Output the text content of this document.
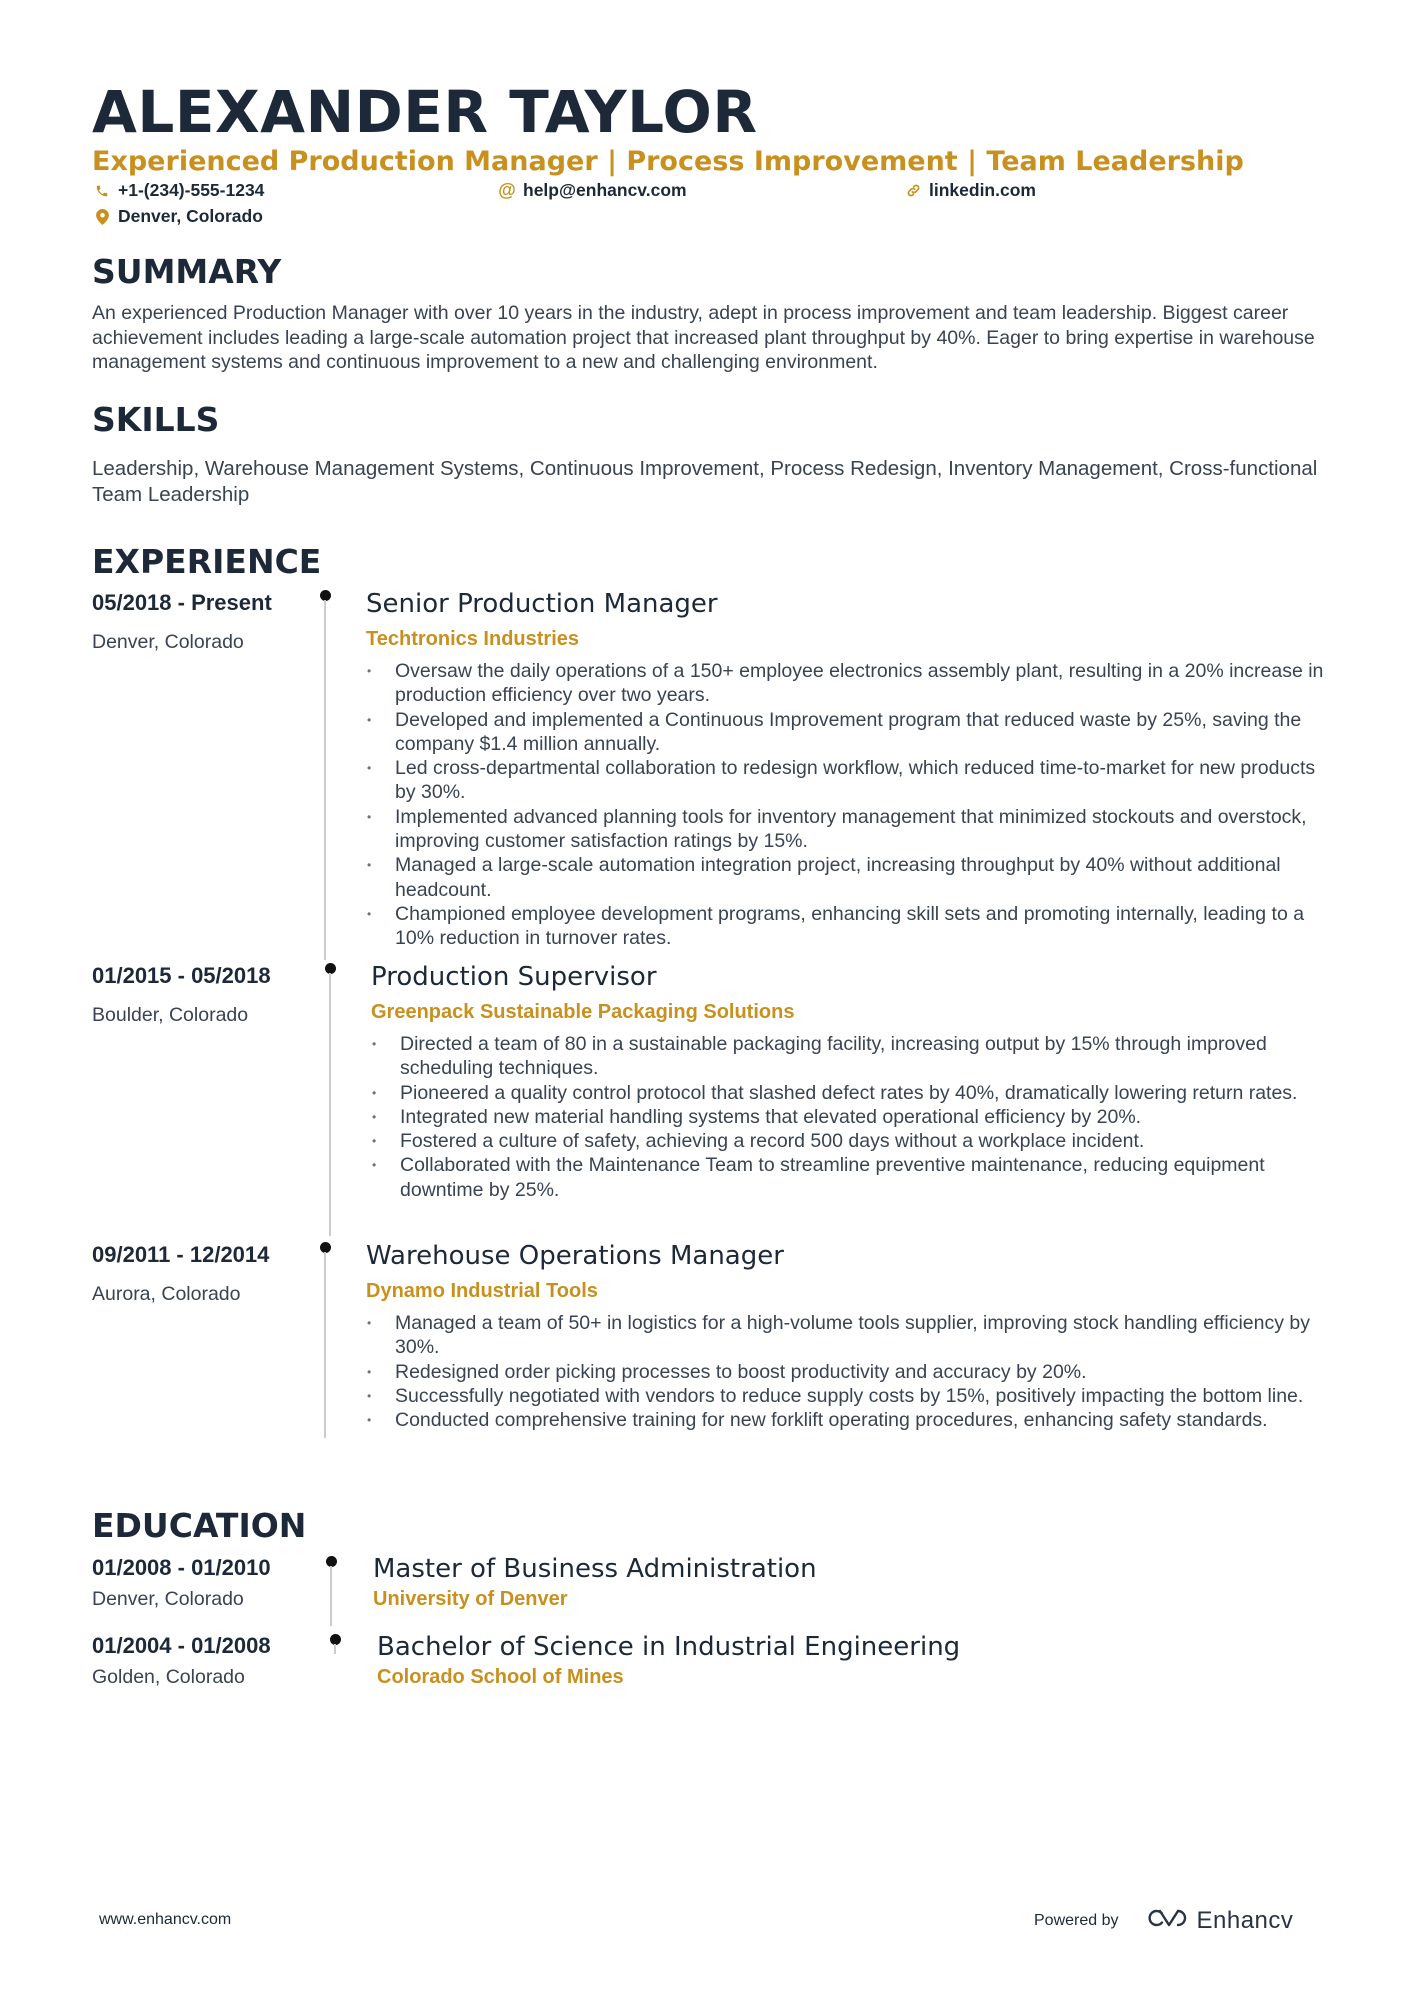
ALEXANDER TAYLOR
Experienced Production Manager | Process Improvement | Team Leadership
+1-(234)-555-1234	@ help@enhancv.com	linkedin.com
Denver, Colorado
SUMMARY
An experienced Production Manager with over 10 years in the industry, adept in process improvement and team leadership. Biggest career achievement includes leading a large-scale automation project that increased plant throughput by 40%. Eager to bring expertise in warehouse management systems and continuous improvement to a new and challenging environment.
SKILLS
Leadership, Warehouse Management Systems, Continuous Improvement, Process Redesign, Inventory Management, Cross-functional Team Leadership
EXPERIENCE
05/2018 - Present
Denver, Colorado
Senior Production Manager
Techtronics Industries
• Oversaw the daily operations of a 150+ employee electronics assembly plant, resulting in a 20% increase in production efficiency over two years.
• Developed and implemented a Continuous Improvement program that reduced waste by 25%, saving the company $1.4 million annually.
• Led cross-departmental collaboration to redesign workflow, which reduced time-to-market for new products by 30%.
• Implemented advanced planning tools for inventory management that minimized stockouts and overstock, improving customer satisfaction ratings by 15%.
• Managed a large-scale automation integration project, increasing throughput by 40% without additional headcount.
• Championed employee development programs, enhancing skill sets and promoting internally, leading to a 10% reduction in turnover rates.
01/2015 - 05/2018
Boulder, Colorado
Production Supervisor
Greenpack Sustainable Packaging Solutions
• Directed a team of 80 in a sustainable packaging facility, increasing output by 15% through improved scheduling techniques.
• Pioneered a quality control protocol that slashed defect rates by 40%, dramatically lowering return rates.
• Integrated new material handling systems that elevated operational efficiency by 20%.
• Fostered a culture of safety, achieving a record 500 days without a workplace incident.
• Collaborated with the Maintenance Team to streamline preventive maintenance, reducing equipment downtime by 25%.
09/2011 - 12/2014
Aurora, Colorado
Warehouse Operations Manager
Dynamo Industrial Tools
• Managed a team of 50+ in logistics for a high-volume tools supplier, improving stock handling efficiency by 30%.
• Redesigned order picking processes to boost productivity and accuracy by 20%.
• Successfully negotiated with vendors to reduce supply costs by 15%, positively impacting the bottom line.
• Conducted comprehensive training for new forklift operating procedures, enhancing safety standards.
EDUCATION
01/2008 - 01/2010
Denver, Colorado
Master of Business Administration
University of Denver
01/2004 - 01/2008
Golden, Colorado
Bachelor of Science in Industrial Engineering
Colorado School of Mines
www.enhancv.com	Powered by	Enhancv
